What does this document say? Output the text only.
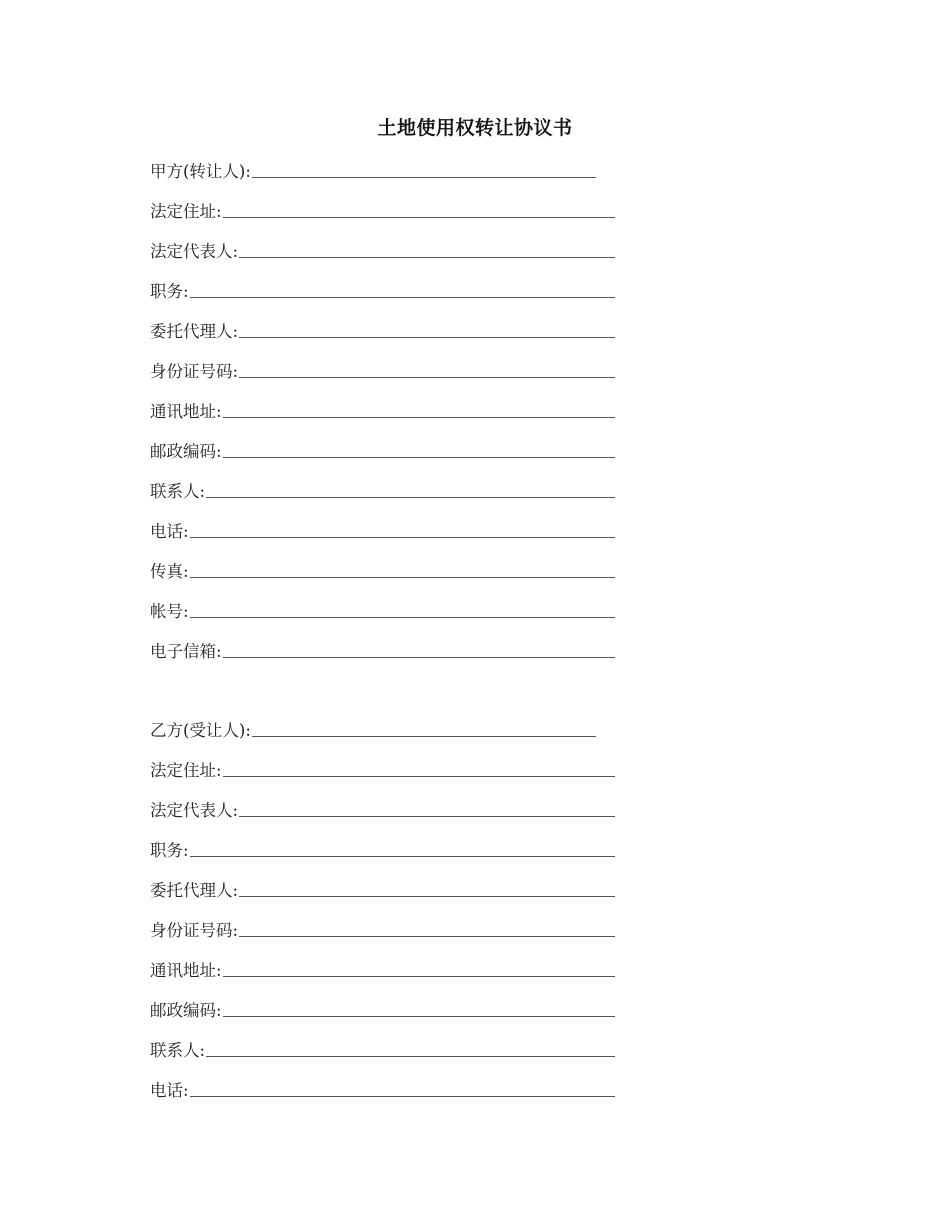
土地使用权转让协议书
甲方(转让人):
法定住址:
法定代表人:
职务:
委托代理人:
身份证号码:
通讯地址:
邮政编码:
联系人:
电话:
传真:
帐号:
电子信箱:
乙方(受让人):
法定住址:
法定代表人:
职务:
委托代理人:
身份证号码:
通讯地址:
邮政编码:
联系人:
电话:
